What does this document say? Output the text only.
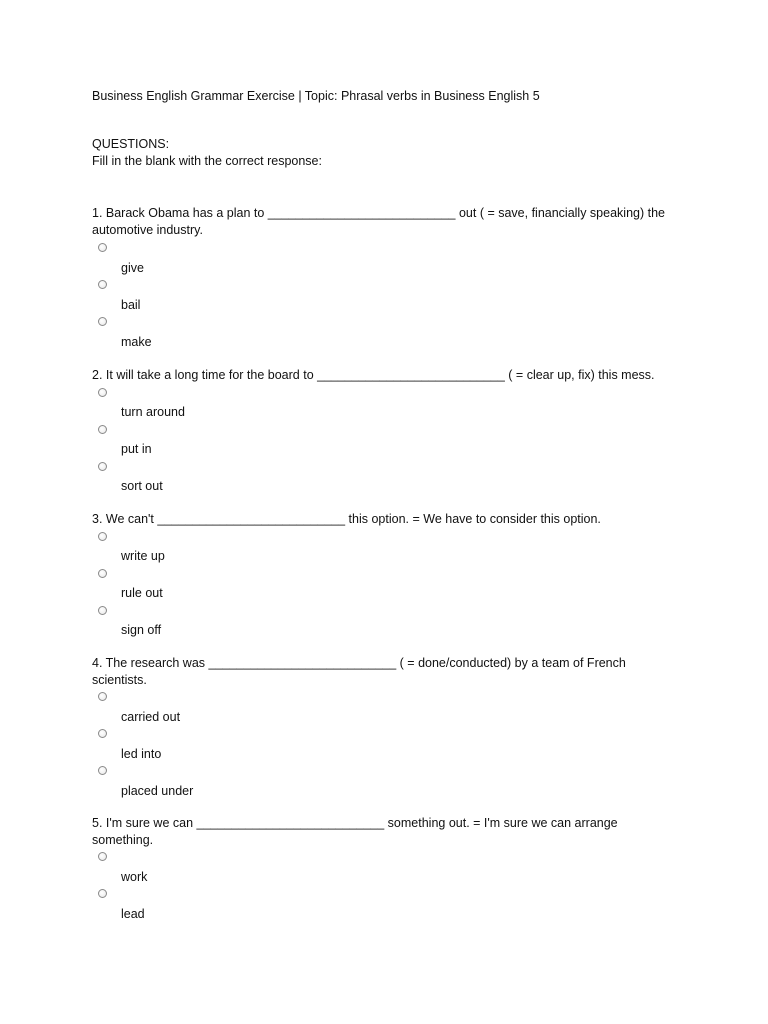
Business English Grammar Exercise | Topic: Phrasal verbs in Business English 5
QUESTIONS:
Fill in the blank with the correct response:
1. Barack Obama has a plan to ___________________________ out ( = save, financially speaking) the automotive industry.
give
bail
make
2. It will take a long time for the board to ___________________________ ( = clear up, fix) this mess.
turn around
put in
sort out
3. We can't ___________________________ this option. = We have to consider this option.
write up
rule out
sign off
4. The research was ___________________________ ( = done/conducted) by a team of French scientists.
carried out
led into
placed under
5. I'm sure we can ___________________________ something out. = I'm sure we can arrange something.
work
lead
